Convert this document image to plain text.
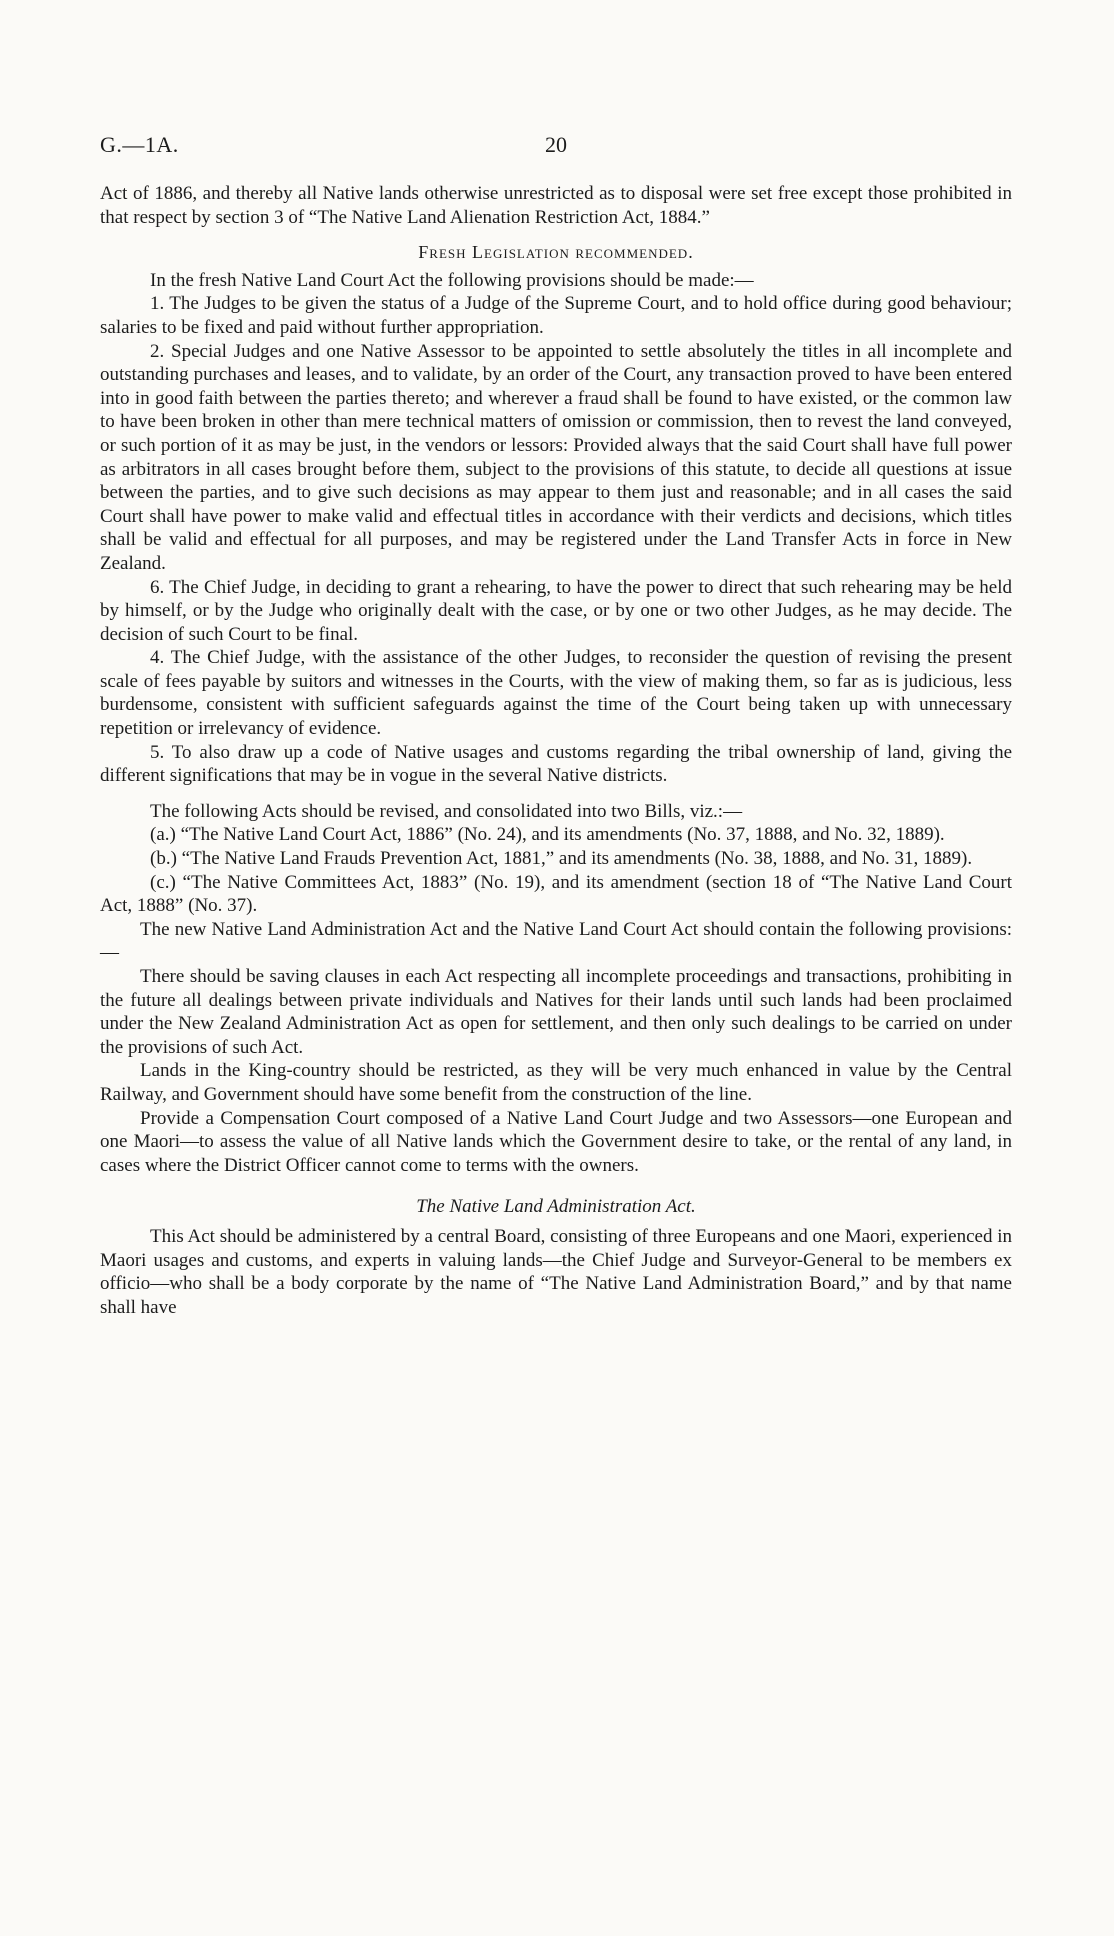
G.—1A.	20

Act of 1886, and thereby all Native lands otherwise unrestricted as to disposal were set free except those prohibited in that respect by section 3 of “The Native Land Alienation Restriction Act, 1884.”

Fresh Legislation recommended.

In the fresh Native Land Court Act the following provisions should be made:—

1. The Judges to be given the status of a Judge of the Supreme Court, and to hold office during good behaviour; salaries to be fixed and paid without further appropriation.

2. Special Judges and one Native Assessor to be appointed to settle absolutely the titles in all incomplete and outstanding purchases and leases, and to validate, by an order of the Court, any transaction proved to have been entered into in good faith between the parties thereto; and wherever a fraud shall be found to have existed, or the common law to have been broken in other than mere technical matters of omission or commission, then to revest the land conveyed, or such portion of it as may be just, in the vendors or lessors: Provided always that the said Court shall have full power as arbitrators in all cases brought before them, subject to the provisions of this statute, to decide all questions at issue between the parties, and to give such decisions as may appear to them just and reasonable; and in all cases the said Court shall have power to make valid and effectual titles in accordance with their verdicts and decisions, which titles shall be valid and effectual for all purposes, and may be registered under the Land Transfer Acts in force in New Zealand.

6. The Chief Judge, in deciding to grant a rehearing, to have the power to direct that such rehearing may be held by himself, or by the Judge who originally dealt with the case, or by one or two other Judges, as he may decide. The decision of such Court to be final.

4. The Chief Judge, with the assistance of the other Judges, to reconsider the question of revising the present scale of fees payable by suitors and witnesses in the Courts, with the view of making them, so far as is judicious, less burdensome, consistent with sufficient safeguards against the time of the Court being taken up with unnecessary repetition or irrelevancy of evidence.

5. To also draw up a code of Native usages and customs regarding the tribal ownership of land, giving the different significations that may be in vogue in the several Native districts.

The following Acts should be revised, and consolidated into two Bills, viz.:—

(a.) “The Native Land Court Act, 1886” (No. 24), and its amendments (No. 37, 1888, and No. 32, 1889).

(b.) “The Native Land Frauds Prevention Act, 1881,” and its amendments (No. 38, 1888, and No. 31, 1889).

(c.) “The Native Committees Act, 1883” (No. 19), and its amendment (section 18 of “The Native Land Court Act, 1888” (No. 37).

The new Native Land Administration Act and the Native Land Court Act should contain the following provisions:—

There should be saving clauses in each Act respecting all incomplete proceedings and transactions, prohibiting in the future all dealings between private individuals and Natives for their lands until such lands had been proclaimed under the New Zealand Administration Act as open for settlement, and then only such dealings to be carried on under the provisions of such Act.

Lands in the King-country should be restricted, as they will be very much enhanced in value by the Central Railway, and Government should have some benefit from the construction of the line.

Provide a Compensation Court composed of a Native Land Court Judge and two Assessors—one European and one Maori—to assess the value of all Native lands which the Government desire to take, or the rental of any land, in cases where the District Officer cannot come to terms with the owners.

The Native Land Administration Act.

This Act should be administered by a central Board, consisting of three Europeans and one Maori, experienced in Maori usages and customs, and experts in valuing lands—the Chief Judge and Surveyor-General to be members ex officio—who shall be a body corporate by the name of “The Native Land Administration Board,” and by that name shall have
